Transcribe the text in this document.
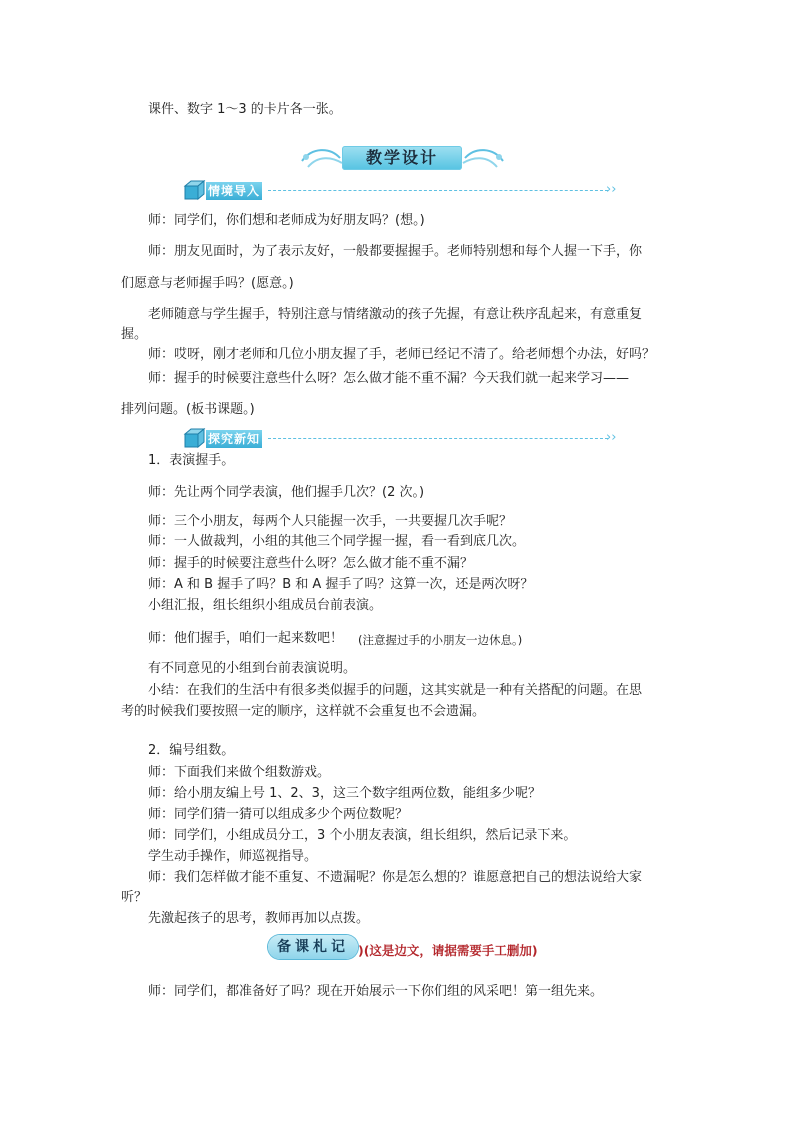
课件、数字 1～3 的卡片各一张。
教学设计
情境导入	››
师：同学们，你们想和老师成为好朋友吗？(想。)
师：朋友见面时，为了表示友好，一般都要握握手。老师特别想和每个人握一下手，你
们愿意与老师握手吗？(愿意。)
老师随意与学生握手，特别注意与情绪激动的孩子先握，有意让秩序乱起来，有意重复
握。
师：哎呀，刚才老师和几位小朋友握了手，老师已经记不清了。给老师想个办法，好吗？
师：握手的时候要注意些什么呀？怎么做才能不重不漏？今天我们就一起来学习——
排列问题。(板书课题。)
探究新知	››
1．表演握手。
师：先让两个同学表演，他们握手几次？(2 次。)
师：三个小朋友，每两个人只能握一次手，一共要握几次手呢？
师：一人做裁判，小组的其他三个同学握一握，看一看到底几次。
师：握手的时候要注意些什么呀？怎么做才能不重不漏？
师：A 和 B 握手了吗？B 和 A 握手了吗？这算一次，还是两次呀？
小组汇报，组长组织小组成员台前表演。
师：他们握手，咱们一起来数吧！ (注意握过手的小朋友一边休息。)
有不同意见的小组到台前表演说明。
小结：在我们的生活中有很多类似握手的问题，这其实就是一种有关搭配的问题。在思
考的时候我们要按照一定的顺序，这样就不会重复也不会遗漏。
2．编号组数。
师：下面我们来做个组数游戏。
师：给小朋友编上号 1、2、3，这三个数字组两位数，能组多少呢？
师：同学们猜一猜可以组成多少个两位数呢？
师：同学们，小组成员分工，3 个小朋友表演，组长组织，然后记录下来。
学生动手操作，师巡视指导。
师：我们怎样做才能不重复、不遗漏呢？你是怎么想的？谁愿意把自己的想法说给大家
听？
先激起孩子的思考，教师再加以点拨。
备课札记 )(这是边文，请据需要手工删加)
师：同学们，都准备好了吗？现在开始展示一下你们组的风采吧！第一组先来。
